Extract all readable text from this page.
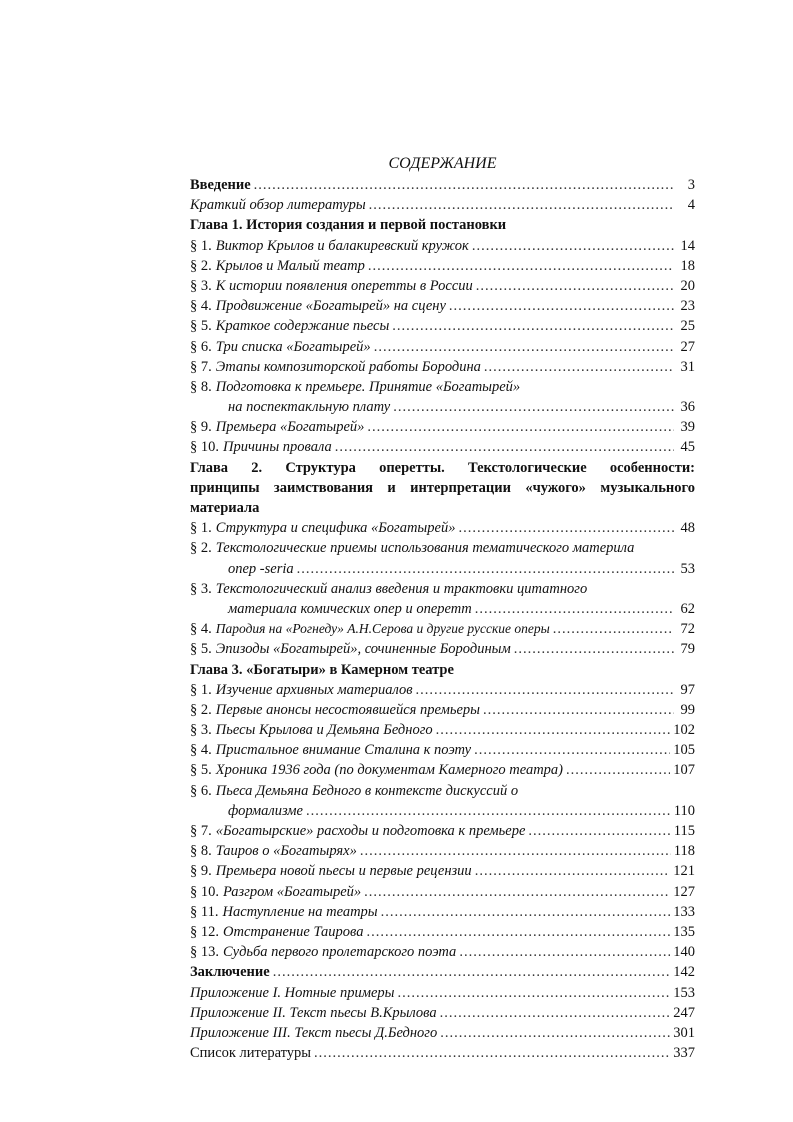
СОДЕРЖАНИЕ
Введение .....	3
Краткий обзор литературы .....	4
Глава 1. История создания и первой постановки
§ 1. Виктор Крылов и балакиревский кружок .....	14
§ 2. Крылов и Малый театр .....	18
§ 3. К истории появления оперетты в России .....	20
§ 4. Продвижение «Богатырей» на сцену .....	23
§ 5. Краткое содержание пьесы .....	25
§ 6. Три списка «Богатырей» .....	27
§ 7. Этапы композиторской работы Бородина .....	31
§ 8. Подготовка к премьере. Принятие «Богатырей»
на поспектакльную плату .....	36
§ 9. Премьера «Богатырей» .....	39
§ 10. Причины провала .....	45
Глава 2. Структура оперетты. Текстологические особенности:
принципы заимствования и интерпретации «чужого» музыкального
материала
§ 1. Структура и специфика «Богатырей» .....	48
§ 2. Текстологические приемы использования тематического материла
опер -seria .....	53
§ 3. Текстологический анализ введения и трактовки цитатного
материала комических опер и оперетт .....	62
§ 4. Пародия на «Рогнеду» А.Н.Серова и другие русские оперы .....	72
§ 5. Эпизоды «Богатырей», сочиненные Бородиным .....	79
Глава 3. «Богатыри» в Камерном театре
§ 1. Изучение архивных материалов .....	97
§ 2. Первые анонсы несостоявшейся премьеры .....	99
§ 3. Пьесы Крылова и Демьяна Бедного .....	102
§ 4. Пристальное внимание Сталина к поэту .....	105
§ 5. Хроника 1936 года (по документам Камерного театра) .....	107
§ 6. Пьеса Демьяна Бедного в контексте дискуссий о
формализме .....	110
§ 7. «Богатырские» расходы и подготовка к премьере .....	115
§ 8. Таиров о «Богатырях» .....	118
§ 9. Премьера новой пьесы и первые рецензии .....	121
§ 10. Разгром «Богатырей» .....	127
§ 11. Наступление на театры .....	133
§ 12. Отстранение Таирова .....	135
§ 13. Судьба первого пролетарского поэта .....	140
Заключение .....	142
Приложение I. Нотные примеры .....	153
Приложение II. Текст пьесы В.Крылова .....	247
Приложение III. Текст пьесы Д.Бедного .....	301
Список литературы .....	337
